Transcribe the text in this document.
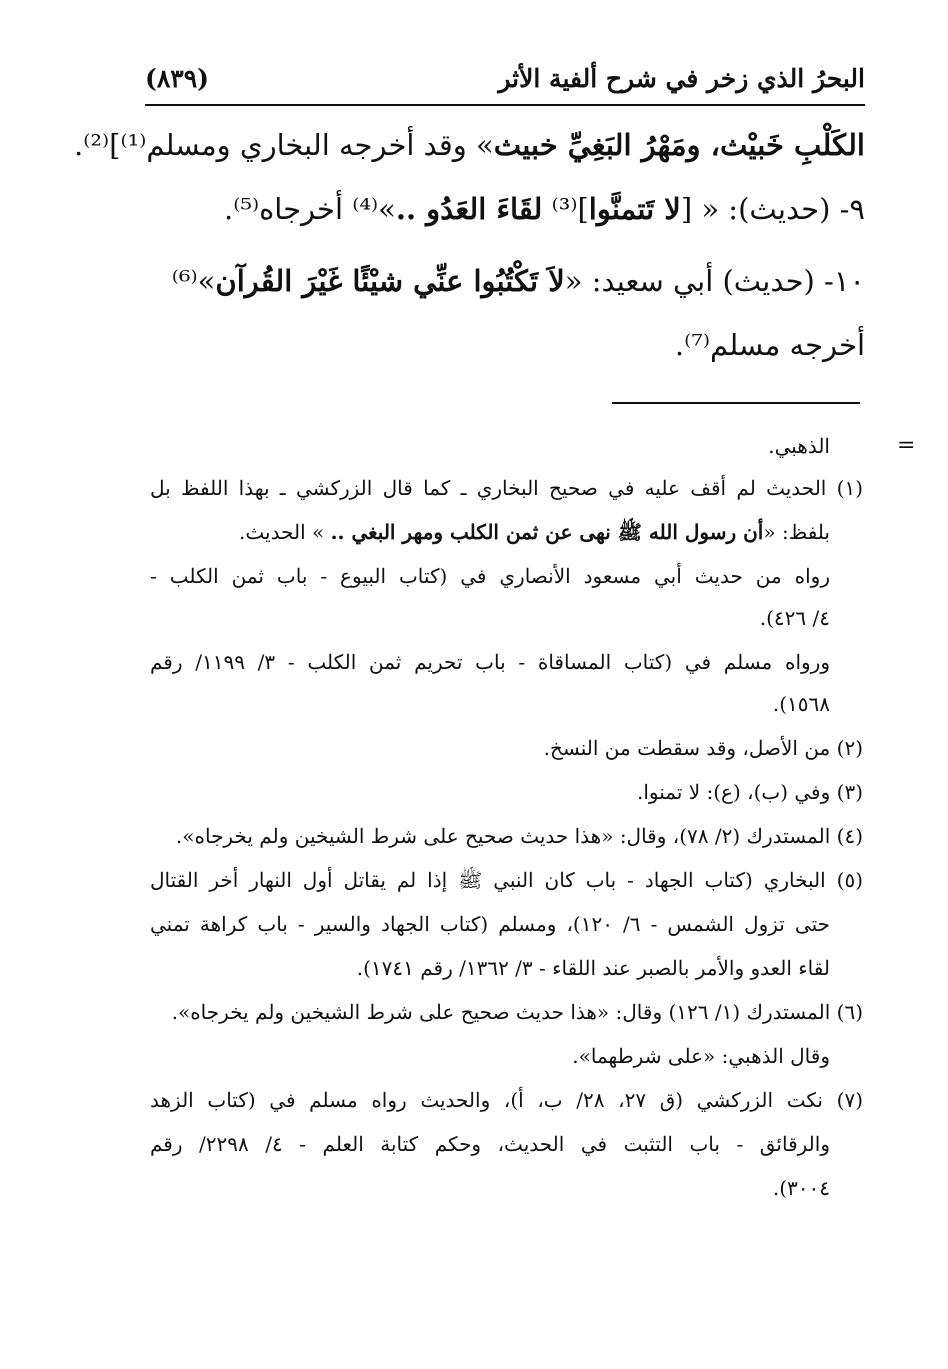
البحرُ الذي زخر في شرح ألفية الأثر
(٨٣٩)
الكَلْبِ خَبيْث، ومَهْرُ البَغِيِّ خبيث» وقد أخرجه البخاري ومسلم⁽¹⁾]⁽²⁾.
٩- (حديث): « [لا تَتمنَّوا]⁽³⁾ لقَاءَ العَدُو ..»⁽⁴⁾ أخرجاه⁽⁵⁾.
١٠- (حديث) أبي سعيد: «لاَ تَكْتُبُوا عنِّي شيْئًا غَيْرَ القُرآن»⁽⁶⁾
أخرجه مسلم⁽⁷⁾.
=
الذهبي.
(١) الحديث لم أقف عليه في صحيح البخاري ـ كما قال الزركشي ـ بهذا اللفظ بل
بلفظ: «أن رسول الله ﷺ نهى عن ثمن الكلب ومهر البغي .. » الحديث.
رواه من حديث أبي مسعود الأنصاري في (كتاب البيوع - باب ثمن الكلب -
٤/ ٤٢٦).
ورواه مسلم في (كتاب المساقاة - باب تحريم ثمن الكلب - ٣/ ١١٩٩/ رقم
١٥٦٨).
(٢) من الأصل، وقد سقطت من النسخ.
(٣) وفي (ب)، (ع): لا تمنوا.
(٤) المستدرك (٢/ ٧٨)، وقال: «هذا حديث صحيح على شرط الشيخين ولم يخرجاه».
(٥) البخاري (كتاب الجهاد - باب كان النبي ﷺ إذا لم يقاتل أول النهار أخر القتال
حتى تزول الشمس - ٦/ ١٢٠)، ومسلم (كتاب الجهاد والسير - باب كراهة تمني
لقاء العدو والأمر بالصبر عند اللقاء - ٣/ ١٣٦٢/ رقم ١٧٤١).
(٦) المستدرك (١/ ١٢٦) وقال: «هذا حديث صحيح على شرط الشيخين ولم يخرجاه».
وقال الذهبي: «على شرطهما».
(٧) نكت الزركشي (ق ٢٧، ٢٨/ ب، أ)، والحديث رواه مسلم في (كتاب الزهد
والرقائق - باب التثبت في الحديث، وحكم كتابة العلم - ٤/ ٢٢٩٨/ رقم
٣٠٠٤).
